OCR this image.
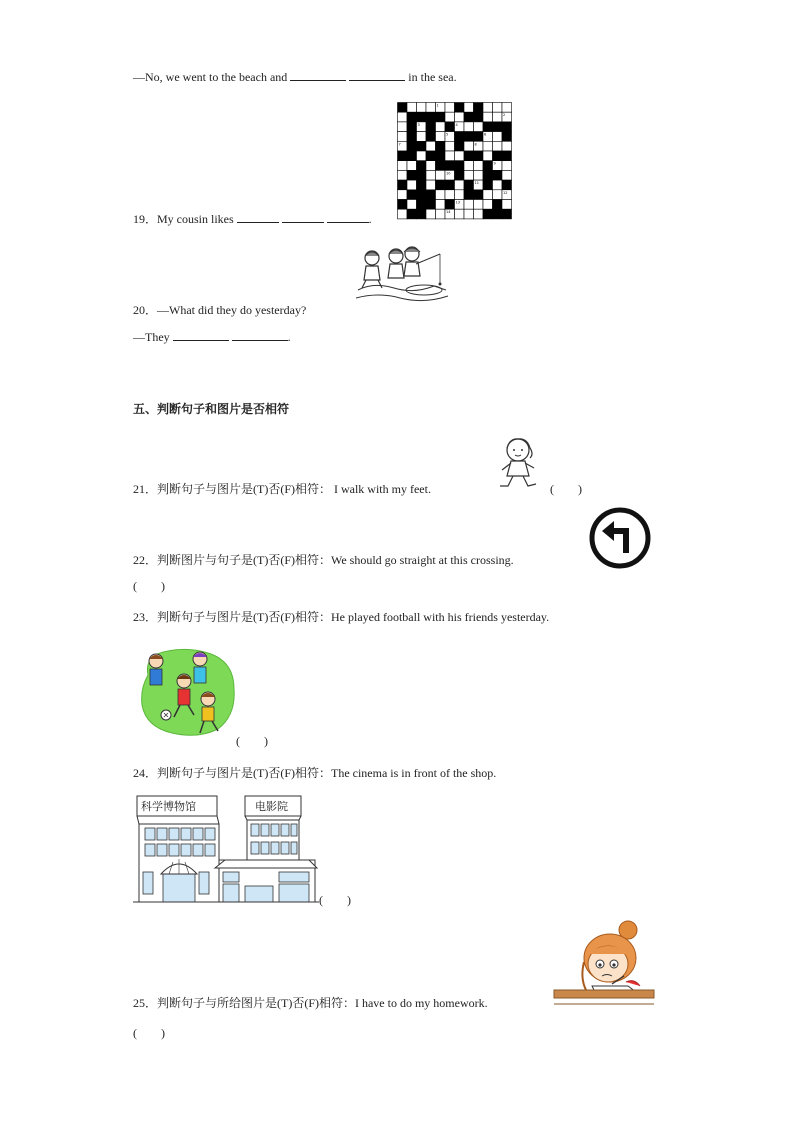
—No, we went to the beach and	in the sea.
1
2
3	4
5	6
7	8
9
10
11
12
13
14
19．My cousin likes	.
20．—What did they do yesterday?
—They	.
五、判断句子和图片是否相符
21．判断句子与图片是(T)否(F)相符： I walk with my feet.	(　　)
22．判断图片与句子是(T)否(F)相符：We should go straight at this crossing.
(　　)
23．判断句子与图片是(T)否(F)相符：He played football with his friends yesterday.
(　　)
24．判断句子与图片是(T)否(F)相符：The cinema is in front of the shop.
科学博物馆	电影院
(　　)
25．判断句子与所给图片是(T)否(F)相符：I have to do my homework.
(　　)
